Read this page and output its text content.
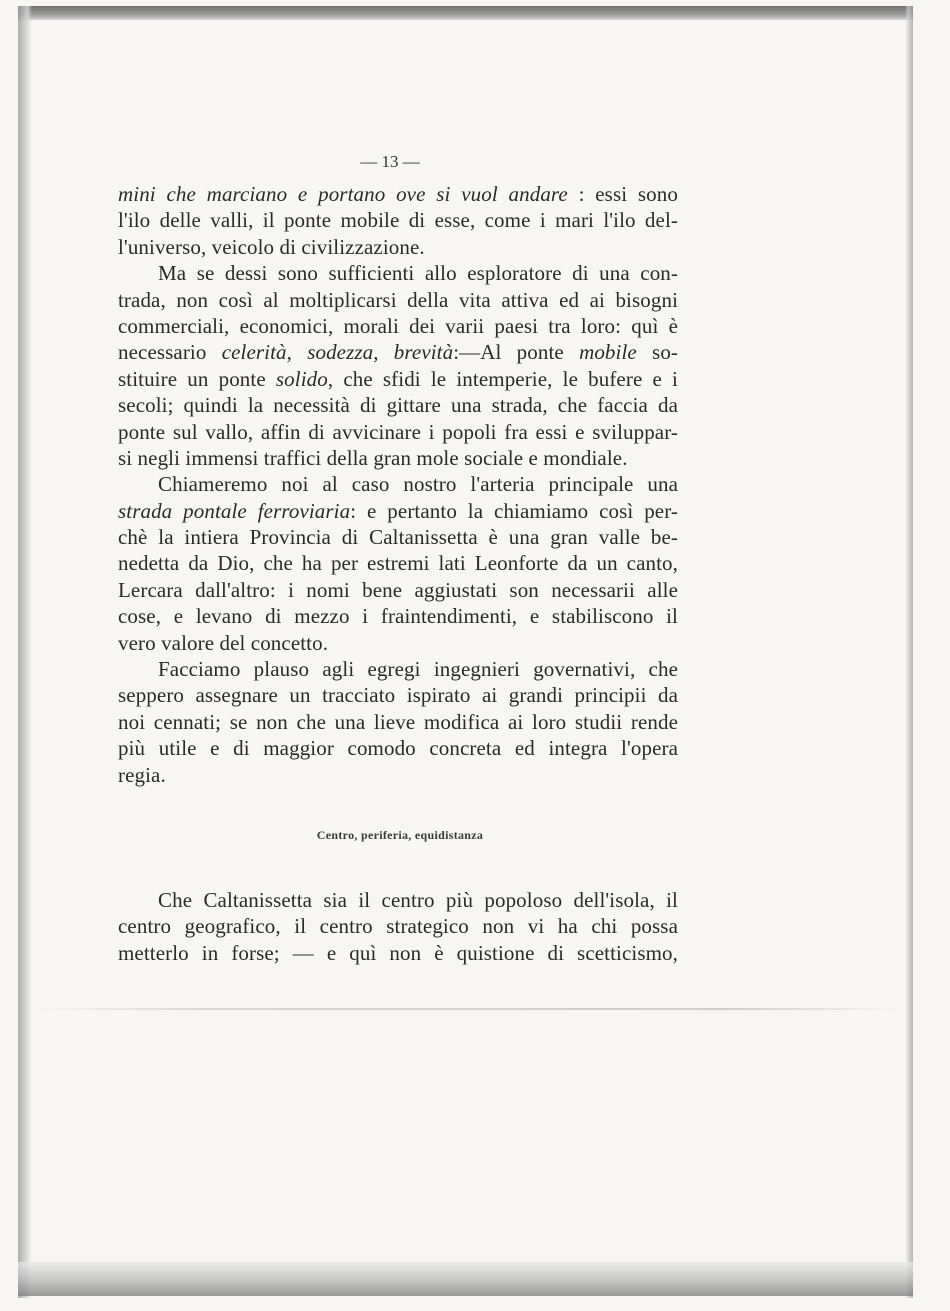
— 13 —
mini che marciano e portano ove si vuol andare : essi sono
l'ilo delle valli, il ponte mobile di esse, come i mari l'ilo del-
l'universo, veicolo di civilizzazione.
Ma se dessi sono sufficienti allo esploratore di una con-
trada, non così al moltiplicarsi della vita attiva ed ai bisogni
commerciali, economici, morali dei varii paesi tra loro: quì è
necessario celerità, sodezza, brevità:—Al ponte mobile so-
stituire un ponte solido, che sfidi le intemperie, le bufere e i
secoli; quindi la necessità di gittare una strada, che faccia da
ponte sul vallo, affin di avvicinare i popoli fra essi e sviluppar-
si negli immensi traffici della gran mole sociale e mondiale.
Chiameremo noi al caso nostro l'arteria principale una
strada pontale ferroviaria: e pertanto la chiamiamo così per-
chè la intiera Provincia di Caltanissetta è una gran valle be-
nedetta da Dio, che ha per estremi lati Leonforte da un canto,
Lercara dall'altro: i nomi bene aggiustati son necessarii alle
cose, e levano di mezzo i fraintendimenti, e stabiliscono il
vero valore del concetto.
Facciamo plauso agli egregi ingegnieri governativi, che
seppero assegnare un tracciato ispirato ai grandi principii da
noi cennati; se non che una lieve modifica ai loro studii rende
più utile e di maggior comodo concreta ed integra l'opera
regia.
Centro, periferia, equidistanza
Che Caltanissetta sia il centro più popoloso dell'isola, il
centro geografico, il centro strategico non vi ha chi possa
metterlo in forse; — e quì non è quistione di scetticismo,
